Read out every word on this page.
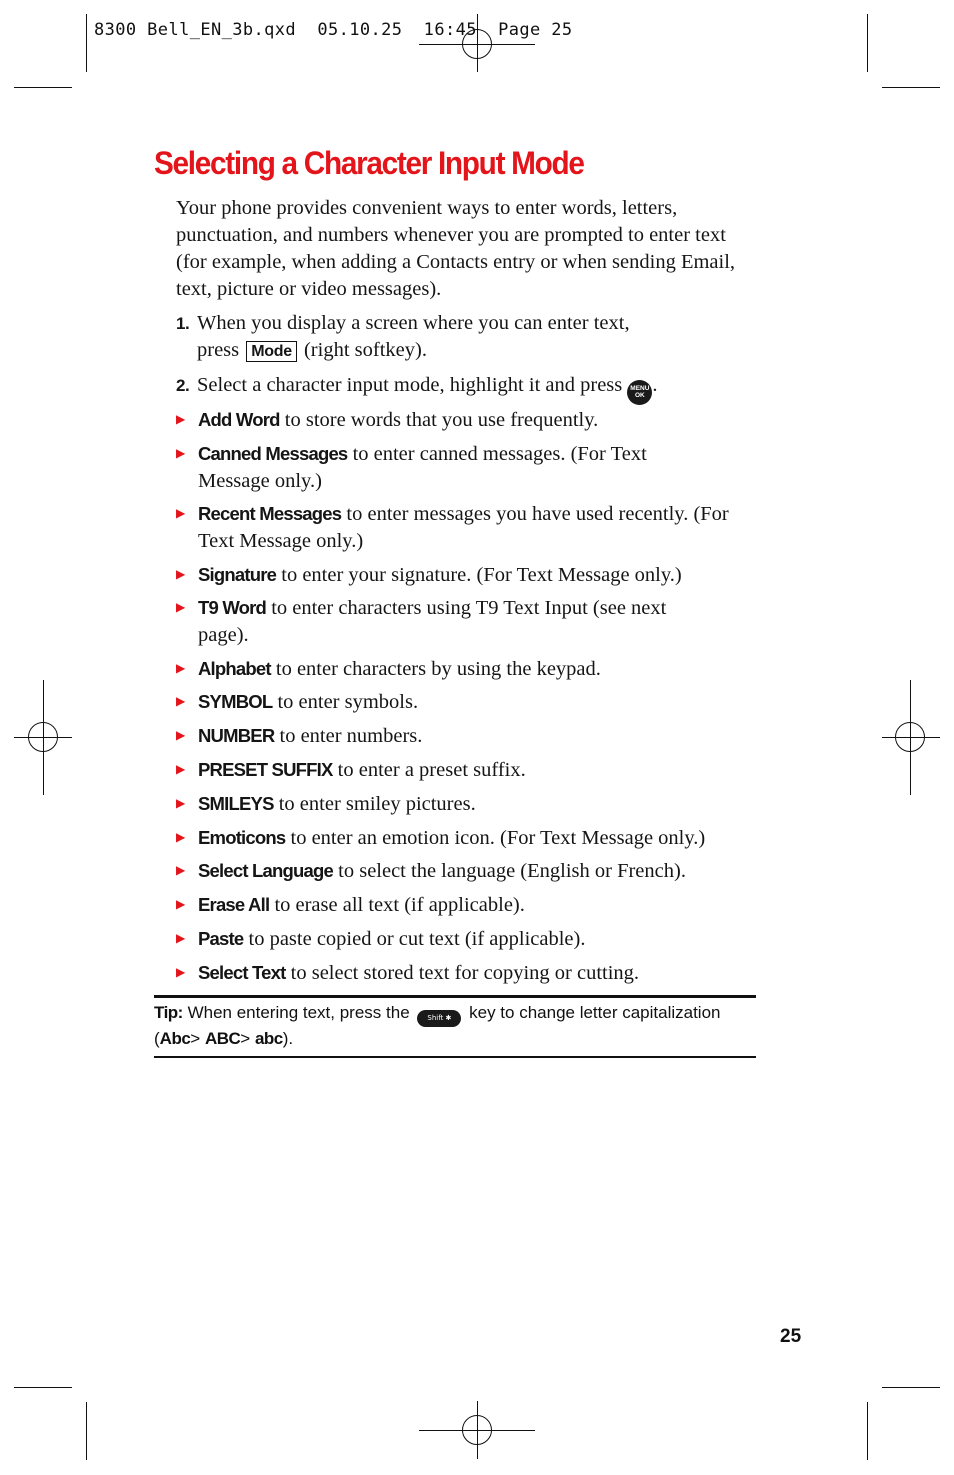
8300 Bell_EN_3b.qxd  05.10.25  16:45  Page 25
Selecting a Character Input Mode
Your phone provides convenient ways to enter words, letters, punctuation, and numbers whenever you are prompted to enter text (for example, when adding a Contacts entry or when sending Email, text, picture or video messages).
1. When you display a screen where you can enter text,
press Mode (right softkey).
2. Select a character input mode, highlight it and press MENU
OK .
▶ Add Word to store words that you use frequently.
▶ Canned Messages to enter canned messages. (For Text Message only.)
▶ Recent Messages to enter messages you have used recently. (For Text Message only.)
▶ Signature to enter your signature. (For Text Message only.)
▶ T9 Word to enter characters using T9 Text Input (see next page).
▶ Alphabet to enter characters by using the keypad.
▶ SYMBOL to enter symbols.
▶ NUMBER to enter numbers.
▶ PRESET SUFFIX to enter a preset suffix.
▶ SMILEYS to enter smiley pictures.
▶ Emoticons to enter an emotion icon. (For Text Message only.)
▶ Select Language to select the language (English or French).
▶ Erase All to erase all text (if applicable).
▶ Paste to paste copied or cut text (if applicable).
▶ Select Text to select stored text for copying or cutting.
Tip: When entering text, press the	Shift ✱ key to change letter capitalization (Abc> ABC> abc).
25
